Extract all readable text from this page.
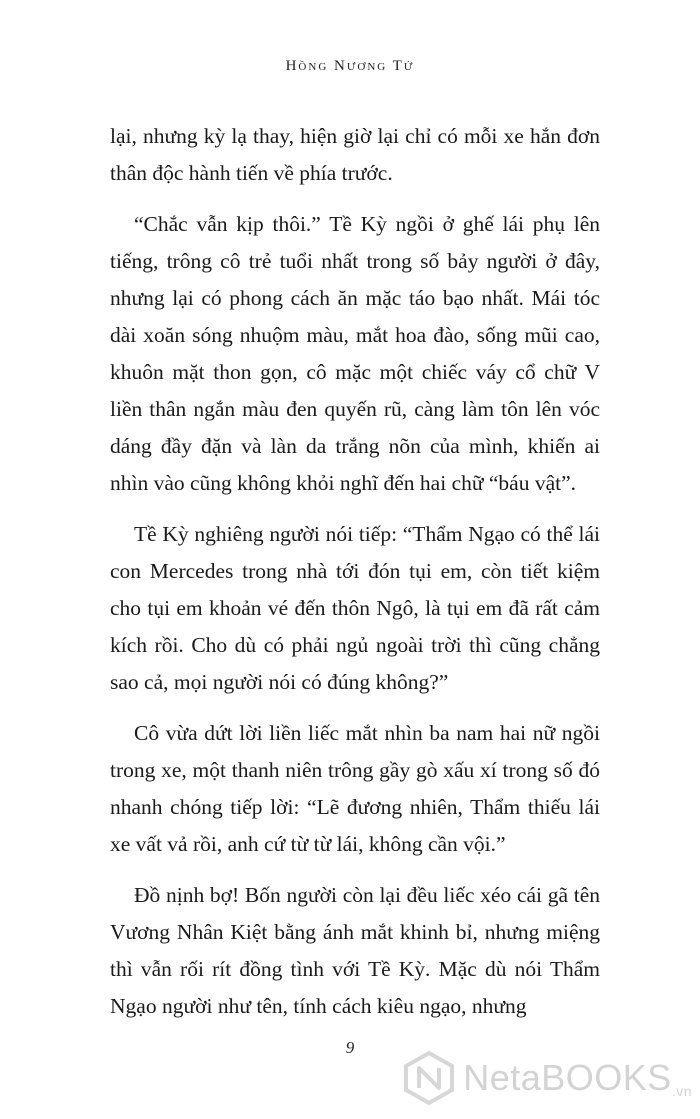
Hồng Nương Tử

lại, nhưng kỳ lạ thay, hiện giờ lại chỉ có mỗi xe hắn đơn thân độc hành tiến về phía trước.

“Chắc vẫn kịp thôi.” Tề Kỳ ngồi ở ghế lái phụ lên tiếng, trông cô trẻ tuổi nhất trong số bảy người ở đây, nhưng lại có phong cách ăn mặc táo bạo nhất. Mái tóc dài xoăn sóng nhuộm màu, mắt hoa đào, sống mũi cao, khuôn mặt thon gọn, cô mặc một chiếc váy cổ chữ V liền thân ngắn màu đen quyến rũ, càng làm tôn lên vóc dáng đầy đặn và làn da trắng nõn của mình, khiến ai nhìn vào cũng không khỏi nghĩ đến hai chữ “báu vật”.

Tề Kỳ nghiêng người nói tiếp: “Thẩm Ngạo có thể lái con Mercedes trong nhà tới đón tụi em, còn tiết kiệm cho tụi em khoản vé đến thôn Ngô, là tụi em đã rất cảm kích rồi. Cho dù có phải ngủ ngoài trời thì cũng chẳng sao cả, mọi người nói có đúng không?”

Cô vừa dứt lời liền liếc mắt nhìn ba nam hai nữ ngồi trong xe, một thanh niên trông gầy gò xấu xí trong số đó nhanh chóng tiếp lời: “Lẽ đương nhiên, Thẩm thiếu lái xe vất vả rồi, anh cứ từ từ lái, không cần vội.”

Đồ nịnh bợ! Bốn người còn lại đều liếc xéo cái gã tên Vương Nhân Kiệt bằng ánh mắt khinh bỉ, nhưng miệng thì vẫn rối rít đồng tình với Tề Kỳ. Mặc dù nói Thẩm Ngạo người như tên, tính cách kiêu ngạo, nhưng

9
NetaBOOKS.vn
